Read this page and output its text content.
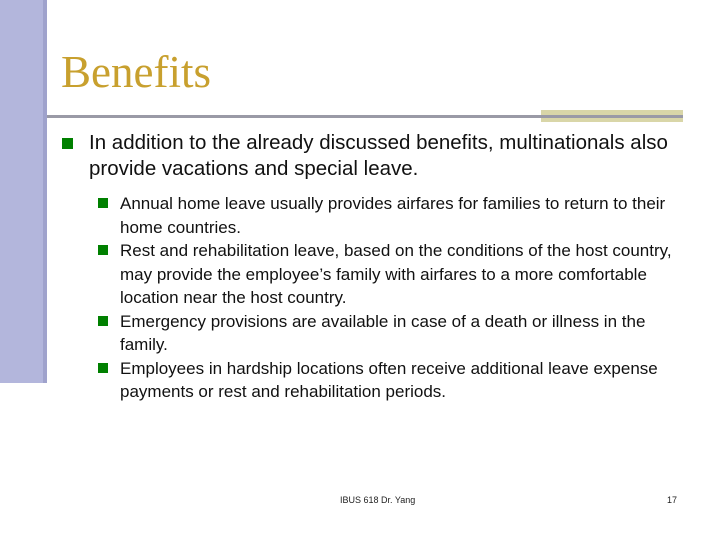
Benefits

In addition to the already discussed benefits, multinationals also provide vacations and special leave.

Annual home leave usually provides airfares for families to return to their home countries.

Rest and rehabilitation leave, based on the conditions of the host country, may provide the employee’s family with airfares to a more comfortable location near the host country.

Emergency provisions are available in case of a death or illness in the family.

Employees in hardship locations often receive additional leave expense payments or rest and rehabilitation periods.

IBUS 618 Dr. Yang	17
